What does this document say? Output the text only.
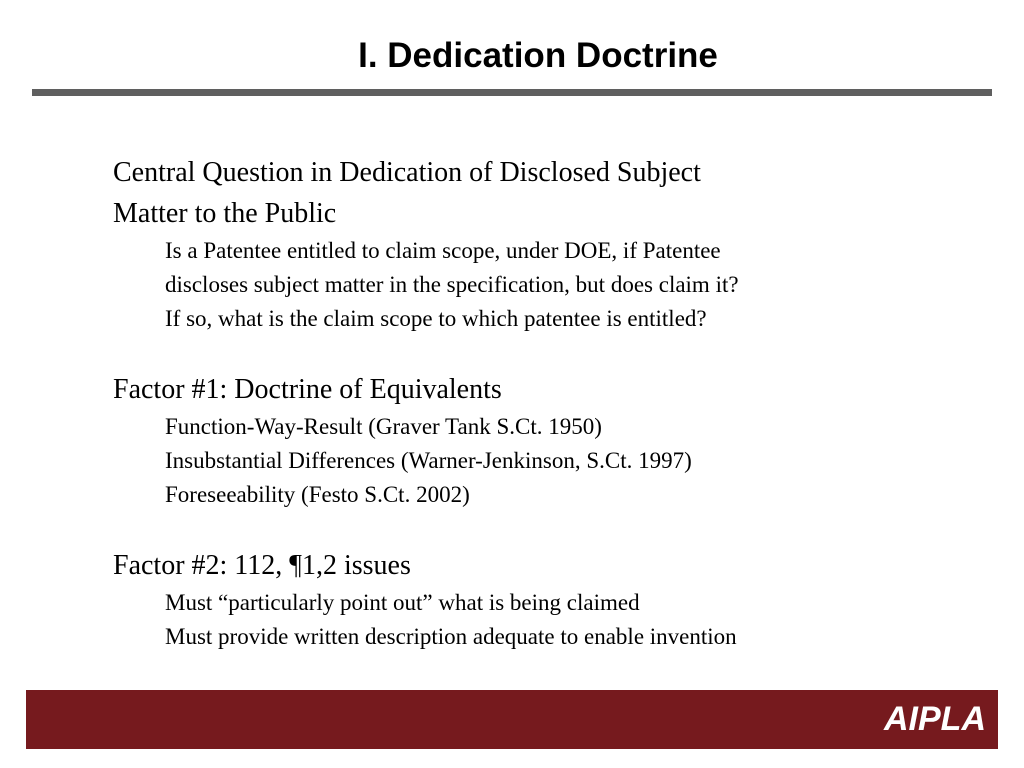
I. Dedication Doctrine

Central Question in Dedication of Disclosed Subject

Matter to the Public

Is a Patentee entitled to claim scope, under DOE, if Patentee

discloses subject matter in the specification, but does claim it?

If so, what is the claim scope to which patentee is entitled?

Factor #1: Doctrine of Equivalents

Function-Way-Result (Graver Tank S.Ct. 1950)

Insubstantial Differences (Warner-Jenkinson, S.Ct. 1997)

Foreseeability (Festo S.Ct. 2002)

Factor #2: 112, ¶1,2 issues

Must “particularly point out” what is being claimed

Must provide written description adequate to enable invention

AIPLA
